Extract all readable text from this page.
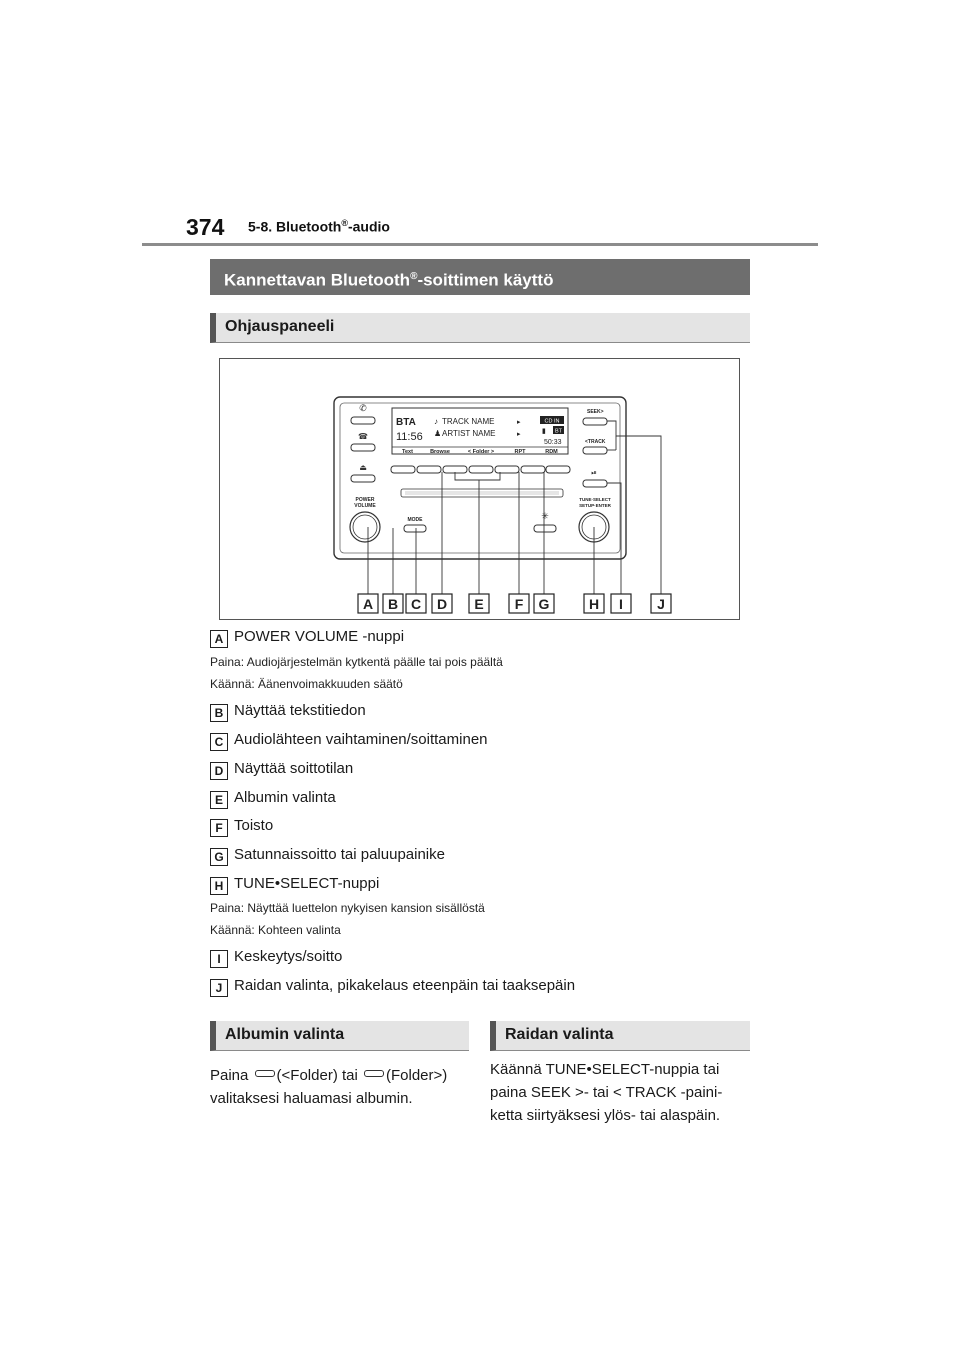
374 5-8. Bluetooth®-audio
Kannettavan Bluetooth®-soittimen käyttö
Ohjauspaneeli
✆
☎
⏏
POWER
VOLUME
BTA
11:56
♪ TRACK NAME
♟ ARTIST NAME
▸
▸
CD IN
BT
▮
50:33
Text	Browse	< Folder >	RPT	RDM
MODE	✳
SEEK>
<TRACK
⏯
TUNE·SELECT
SETUP·ENTER
A B C D E F G	H I J
A POWER VOLUME -nuppi
Paina: Audiojärjestelmän kytkentä päälle tai pois päältä
Käännä: Äänenvoimakkuuden säätö
B Näyttää tekstitiedon
C Audiolähteen vaihtaminen/soittaminen
D Näyttää soittotilan
E Albumin valinta
F Toisto
G Satunnaissoitto tai paluupainike
H TUNE•SELECT-nuppi
Paina: Näyttää luettelon nykyisen kansion sisällöstä
Käännä: Kohteen valinta
I Keskeytys/soitto
J Raidan valinta, pikakelaus eteenpäin tai taaksepäin
Albumin valinta	Raidan valinta
Paina (<Folder) tai (Folder>)
valitaksesi haluamasi albumin.
Käännä TUNE•SELECT-nuppia tai
paina SEEK >- tai < TRACK -paini-
ketta siirtyäksesi ylös- tai alaspäin.
